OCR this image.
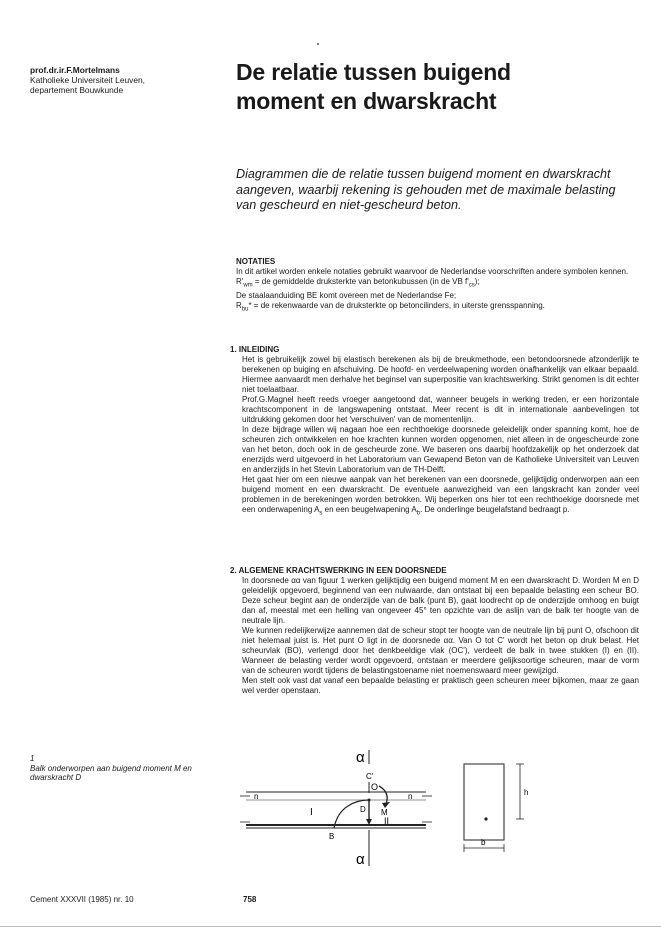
prof.dr.ir.F.Mortelmans
Katholieke Universiteit Leuven,
departement Bouwkunde
De relatie tussen buigend
moment en dwarskracht
Diagrammen die de relatie tussen buigend moment en dwarskracht aangeven, waarbij rekening is gehouden met de maximale belasting van gescheurd en niet-gescheurd beton.

NOTATIES

In dit artikel worden enkele notaties gebruikt waarvoor de Nederlandse voorschriften andere symbolen kennen.

$R'_{wm}$ = de gemiddelde druksterkte van betonkubussen (in de VB $f'_{cs}$);

De staalaanduiding BE komt overeen met de Nederlandse Fe;

$R_{bu}*$ = de rekenwaarde van de druksterkte op betoncilinders, in uiterste grensspanning.

1. INLEIDING

Het is gebruikelijk zowel bij elastisch berekenen als bij de breukmethode, een betondoorsnede afzonderlijk te berekenen op buiging en afschuiving. De hoofd- en verdeelwapening worden onafhankelijk van elkaar bepaald. Hiermee aanvaardt men derhalve het beginsel van superpositie van krachtswerking. Strikt genomen is dit echter niet toelaatbaar.

Prof.G.Magnel heeft reeds vroeger aangetoond dat, wanneer beugels in werking treden, er een horizontale krachtscomponent in de langswapening ontstaat. Meer recent is dit in internationale aanbevelingen tot uitdrukking gekomen door het 'verschuiven' van de momentenlijn.

In deze bijdrage willen wij nagaan hoe een rechthoekige doorsnede geleidelijk onder spanning komt, hoe de scheuren zich ontwikkelen en hoe krachten kunnen worden opgenomen, niet alleen in de ongescheurde zone van het beton, doch ook in de gescheurde zone. We baseren ons daarbij hoofdzakelijk op het onderzoek dat enerzijds werd uitgevoerd in het Laboratorium van Gewapend Beton van de Katholieke Universiteit van Leuven en anderzijds in het Stevin Laboratorium van de TH-Delft.

Het gaat hier om een nieuwe aanpak van het berekenen van een doorsnede, gelijktijdig onderworpen aan een buigend moment en een dwarskracht. De eventuele aanwezigheid van een langskracht kan zonder veel problemen in de berekeningen worden betrokken. Wij beperken ons hier tot een rechthoekige doorsnede met een onderwapening $A_s$ en een beugelwapening $A_b$. De onderlinge beugelafstand bedraagt p.

2. ALGEMENE KRACHTSWERKING IN EEN DOORSNEDE

In doorsnede αα van figuur 1 werken gelijktijdig een buigend moment M en een dwarskracht D. Worden M en D geleidelijk opgevoerd, beginnend van een nulwaarde, dan ontstaat bij een bepaalde belasting een scheur BO. Deze scheur begint aan de onderzijde van de balk (punt B), gaat loodrecht op de onderzijde omhoog en buigt dan af, meestal met een helling van ongeveer 45° ten opzichte van de aslijn van de balk ter hoogte van de neutrale lijn.

We kunnen redelijkerwijze aannemen dat de scheur stopt ter hoogte van de neutrale lijn bij punt O, ofschoon dit niet helemaal juist is. Het punt O ligt in de doorsnede αα. Van O tot C' wordt het beton op druk belast. Het scheurvlak (BO), verlengd door het denkbeeldige vlak (OC'), verdeelt de balk in twee stukken (I) en (II). Wanneer de belasting verder wordt opgevoerd, ontstaan er meerdere gelijksoortige scheuren, maar de vorm van de scheuren wordt tijdens de belastingstoename niet noemenswaard meer gewijzigd.

Men stelt ook vast dat vanaf een bepaalde belasting er praktisch geen scheuren meer bijkomen, maar ze gaan wel verder openstaan.

1
Balk onderworpen aan buigend moment M en dwarskracht D
α
C'
n	n
O
D M
I
II
B
α
h
b
Cement XXXVII (1985) nr. 10	758
